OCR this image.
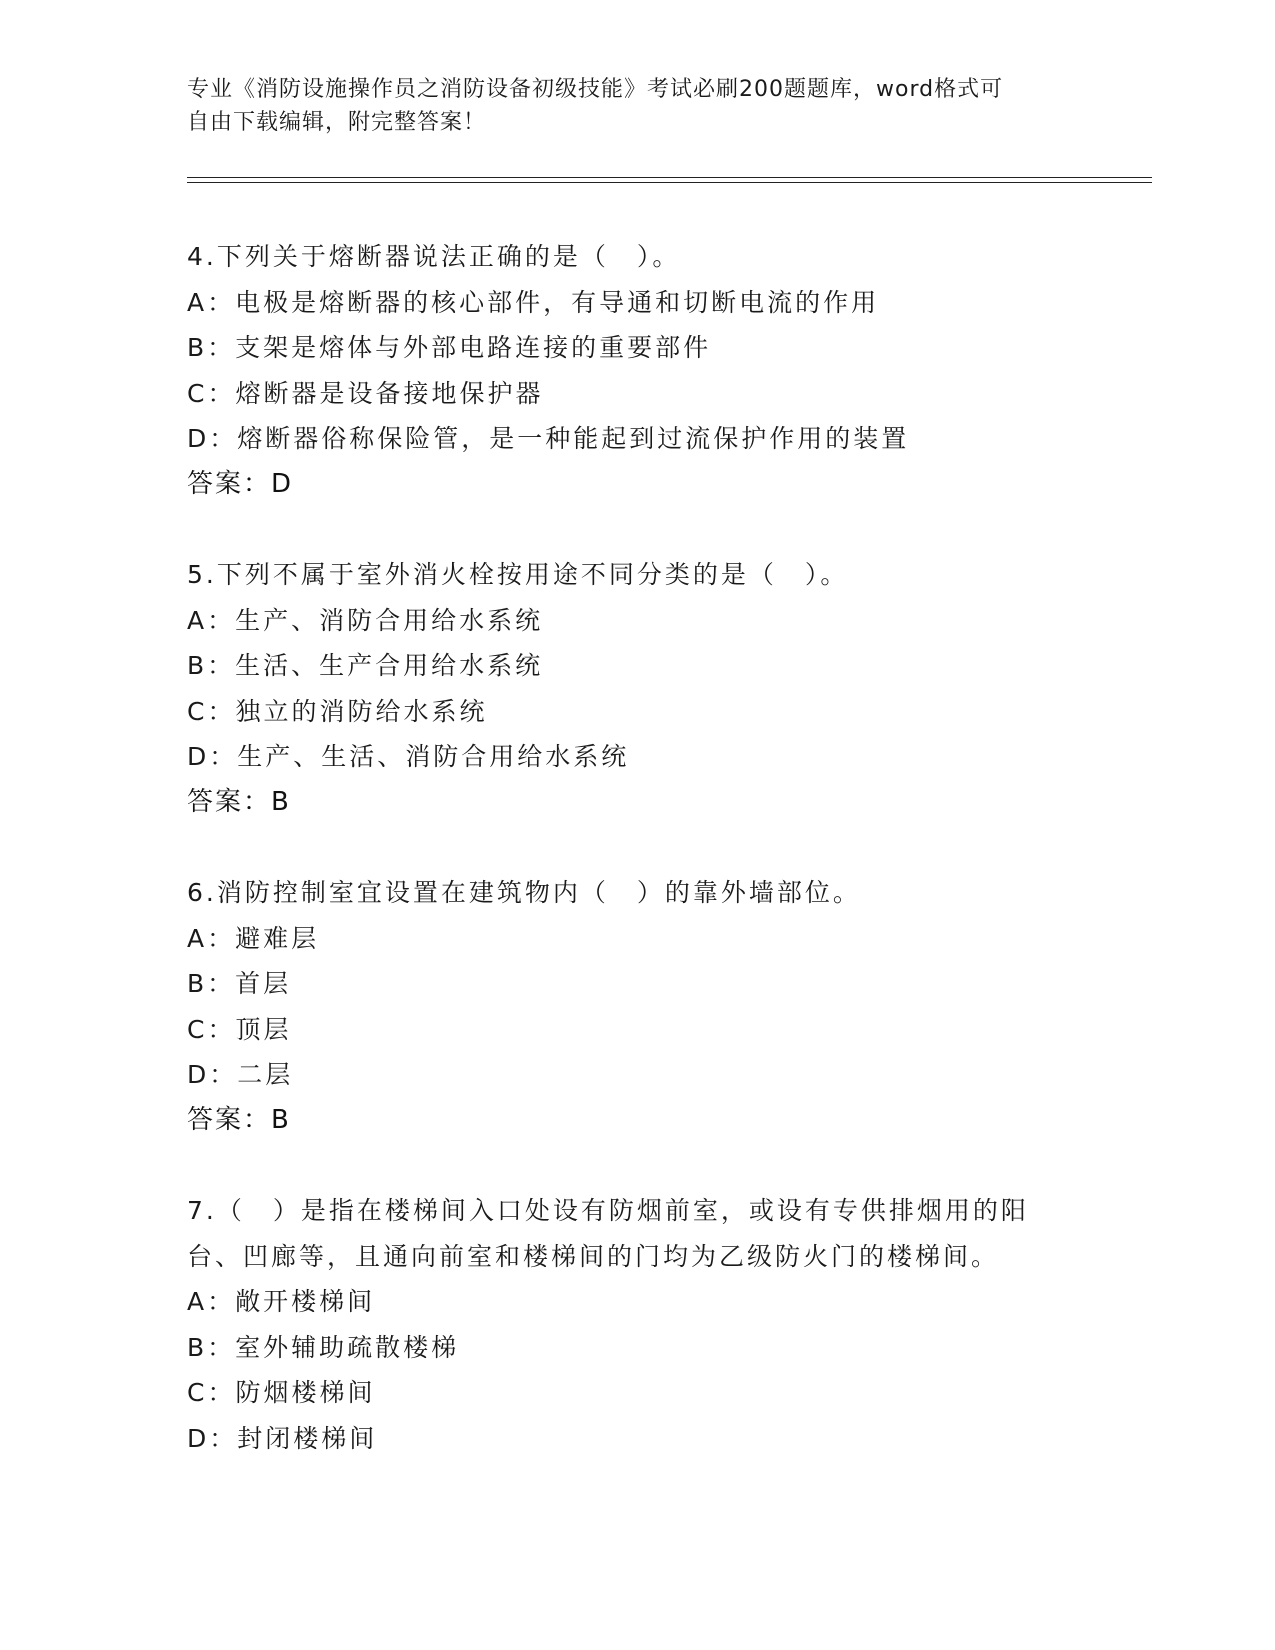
专业《消防设施操作员之消防设备初级技能》考试必刷200题题库，word格式可

自由下载编辑，附完整答案！

4.下列关于熔断器说法正确的是（　）。

A：电极是熔断器的核心部件，有导通和切断电流的作用

B：支架是熔体与外部电路连接的重要部件

C：熔断器是设备接地保护器

D：熔断器俗称保险管，是一种能起到过流保护作用的装置

答案：D

5.下列不属于室外消火栓按用途不同分类的是（　）。

A：生产、消防合用给水系统

B：生活、生产合用给水系统

C：独立的消防给水系统

D：生产、生活、消防合用给水系统

答案：B

6.消防控制室宜设置在建筑物内（　）的靠外墙部位。

A：避难层

B：首层

C：顶层

D：二层

答案：B

7.（　）是指在楼梯间入口处设有防烟前室，或设有专供排烟用的阳

台、凹廊等，且通向前室和楼梯间的门均为乙级防火门的楼梯间。

A：敞开楼梯间

B：室外辅助疏散楼梯

C：防烟楼梯间

D：封闭楼梯间
